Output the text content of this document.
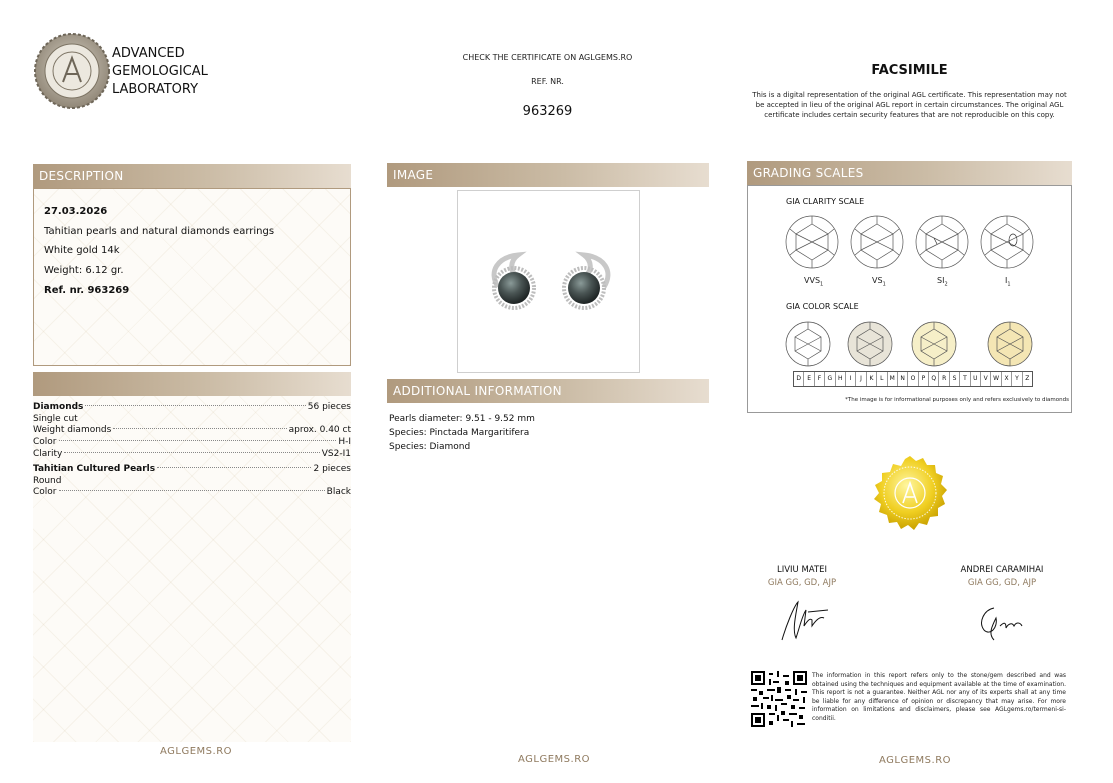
ADVANCED
GEMOLOGICAL
LABORATORY
CHECK THE CERTIFICATE ON AGLGEMS.RO
REF. NR.
963269
FACSIMILE
This is a digital representation of the original AGL certificate. This representation may not be accepted in lieu of the original AGL report in certain circumstances. The original AGL certificate includes certain security features that are not reproducible on this copy.
DESCRIPTION
27.03.2026
Tahitian pearls and natural diamonds earrings
White gold 14k
Weight: 6.12 gr.
Ref. nr. 963269
Diamonds	56 pieces
Single cut
Weight diamonds	aprox. 0.40 ct
Color	H-I
Clarity	VS2-I1
Tahitian Cultured Pearls	2 pieces
Round
Color	Black
IMAGE
ADDITIONAL INFORMATION
Pearls diameter: 9.51 - 9.52 mm
Species: Pinctada Margaritifera
Species: Diamond
GRADING SCALES
GIA CLARITY SCALE
$VVS_1$	$VS_1$	$SI_2$	$I_1$
GIA COLOR SCALE
D	E	F	G H	I	J	K	L	M N O	P	Q R	S	T	U	V W X	Y	Z
*The image is for informational purposes only and refers exclusively to diamonds
LIVIU MATEI
GIA GG, GD, AJP
ANDREI CARAMIHAI
GIA GG, GD, AJP
The information in this report refers only to the stone/gem described and was obtained using the techniques and equipment available at the time of examination. This report is not a guarantee. Neither AGL nor any of its experts shall at any time be liable for any difference of opinion or discrepancy that may arise. For more information on limitations and disclaimers, please see AGLgems.ro/termeni-si-conditii.
AGLGEMS.RO
AGLGEMS.RO	AGLGEMS.RO
